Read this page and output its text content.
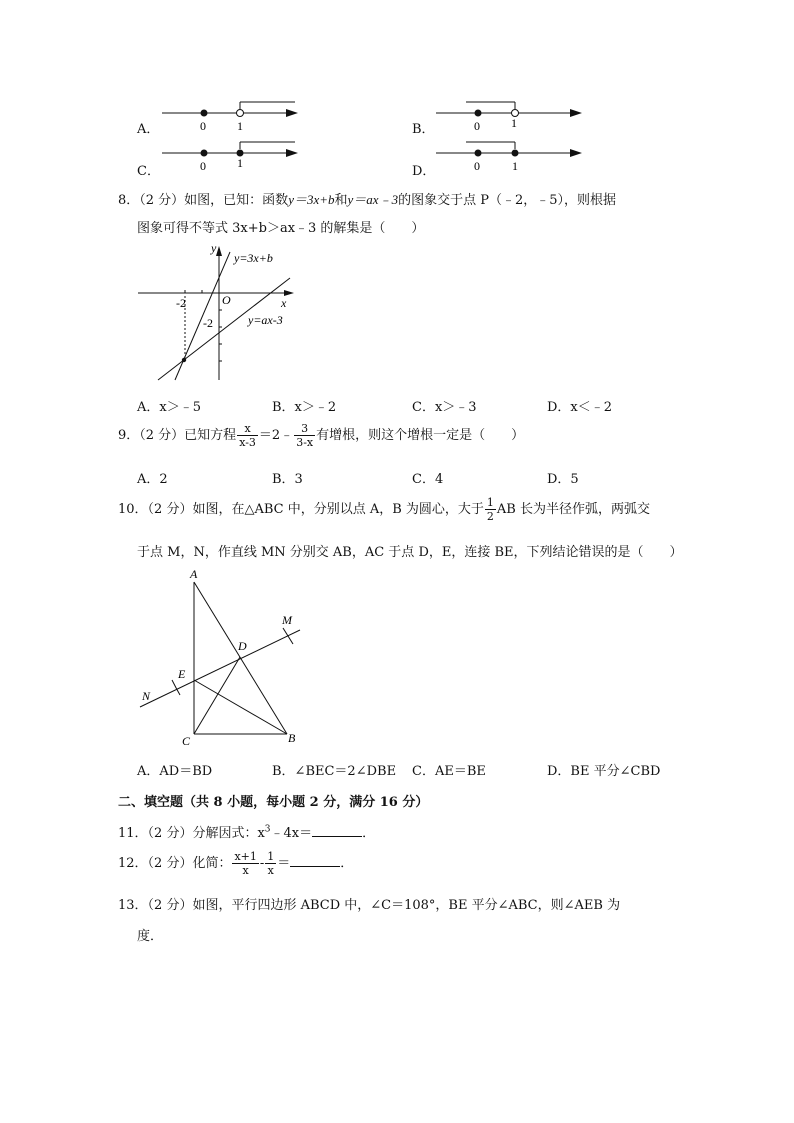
A．	0	1	B．	0	1
C．	0	1
D．	0	1
8．（2 分）如图，已知：函数y＝3x+b和y＝ax﹣3的图象交于点 P（﹣2，﹣5），则根据
图象可得不等式 3x+b＞ax﹣3 的解集是（　　）
y
x
O
-2
-2
y=3x+b
y=ax-3
A．x＞﹣5	B．x＞﹣2	C．x＞﹣3	D．x＜﹣2
9．（2 分）已知方程 $\frac{x}{x-3}$ ＝2﹣ $\frac{3}{3-x}$ 有增根，则这个增根一定是（　　）
A．2	B．3	C．4	D．5
10．（2 分）如图，在△ABC 中，分别以点 A，B 为圆心，大于 $\frac{1}{2}$ AB 长为半径作弧，两弧交
于点 M，N，作直线 MN 分别交 AB，AC 于点 D，E，连接 BE，下列结论错误的是（　　）
A
C	B
D
E
M
N
A．AD＝BD	B．∠BEC＝2∠DBE C．AE＝BE	D．BE 平分∠CBD
二、填空题（共 8 小题，每小题 2 分，满分 16 分）
11．（2 分）分解因式：$x^3﹣4x=$	．
12．（2 分）化简： $\frac{x+1}{x} - \frac{1}{x}$ ＝	．
13．（2 分）如图，平行四边形 ABCD 中，∠C＝108°，BE 平分∠ABC，则∠AEB 为
度．
